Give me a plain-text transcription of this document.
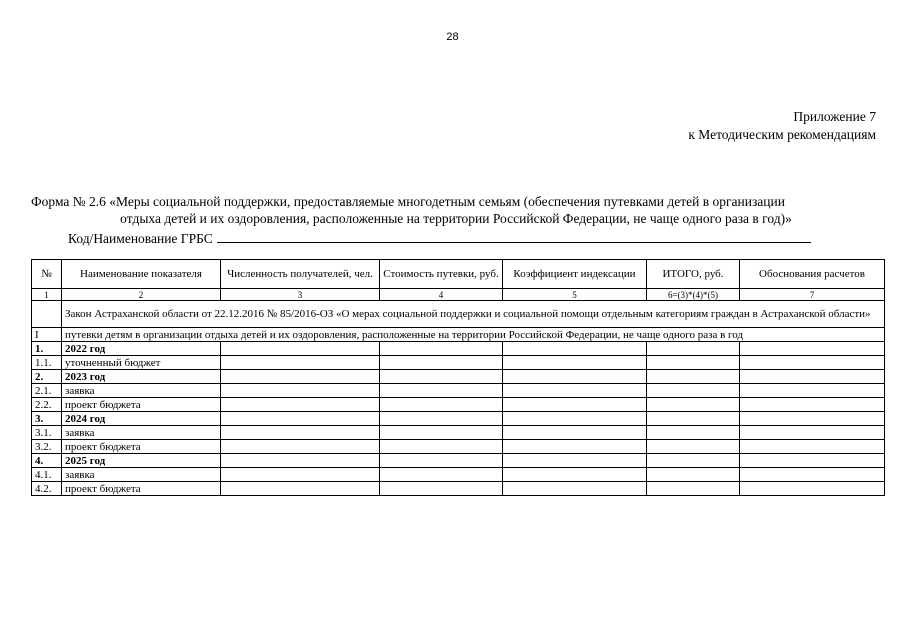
28
Приложение 7
к Методическим рекомендациям
Форма № 2.6 «Меры социальной поддержки, предоставляемые многодетным семьям (обеспечения путевками детей в организации
отдыха детей и их оздоровления, расположенные на территории Российской Федерации, не чаще одного раза в год)»
Код/Наименование ГРБС
№	Наименование показателя	Численность получателей, чел.	Стоимость путевки, руб.	Коэффициент индексации	ИТОГО, руб.	Обоснования расчетов
1	2	3	4	5	6=(3)*(4)*(5)	7
	Закон Астраханской области от 22.12.2016 № 85/2016-ОЗ «О мерах социальной поддержки и социальной помощи отдельным категориям граждан в Астраханской области»					
I	путевки детям в организации отдыха детей и их оздоровления, расположенные на территории Российской Федерации, не чаще одного раза в год					
1.	2022 год					
1.1.	уточненный бюджет					
2.	2023 год					
2.1.	заявка					
2.2.	проект бюджета					
3.	2024 год					
3.1.	заявка					
3.2.	проект бюджета					
4.	2025 год					
4.1.	заявка					
4.2.	проект бюджета					
